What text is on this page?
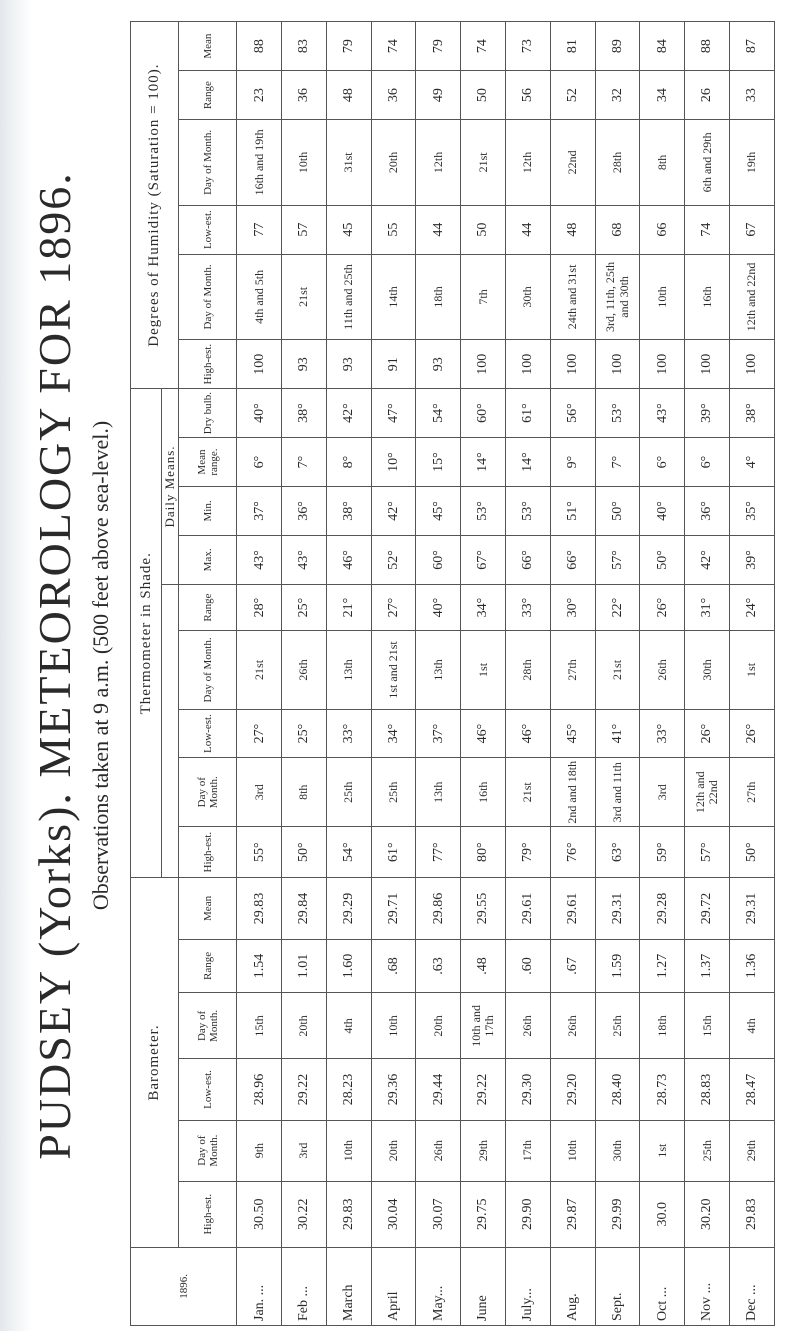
PUDSEY (Yorks). METEOROLOGY FOR 1896. Observations taken at 9 a.m. (500 feet above sea-level.)
1896.	Barometer.						Thermometer in Shade.									Degrees of Humidity (Saturation = 100).					
												Daily Means.									
	High-est.	Day of Month.	Low-est.	Day of Month.	Range	Mean	High-est.	Day of Month.	Low-est.	Day of Month.	Range	Max.	Min.	Mean range.	Dry bulb.	High-est.	Day of Month.	Low-est.	Day of Month.	Range	Mean
Jan. ...	30.50	9th	28.96	15th	1.54	29.83	55°	3rd	27°	21st	28°	43°	37°	6°	40°	100	4th and 5th	77	16th and 19th	23	88
Feb ...	30.22	3rd	29.22	20th	1.01	29.84	50°	8th	25°	26th	25°	43°	36°	7°	38°	93	21st	57	10th	36	83
March	29.83	10th	28.23	4th	1.60	29.29	54°	25th	33°	13th	21°	46°	38°	8°	42°	93	11th and 25th	45	31st	48	79
April	30.04	20th	29.36	10th	.68	29.71	61°	25th	34°	1st and 21st	27°	52°	42°	10°	47°	91	14th	55	20th	36	74
May...	30.07	26th	29.44	20th	.63	29.86	77°	13th	37°	13th	40°	60°	45°	15°	54°	93	18th	44	12th	49	79
June	29.75	29th	29.22	10th and 17th	.48	29.55	80°	16th	46°	1st	34°	67°	53°	14°	60°	100	7th	50	21st	50	74
July...	29.90	17th	29.30	26th	.60	29.61	79°	21st	46°	28th	33°	66°	53°	14°	61°	100	30th	44	12th	56	73
Aug.	29.87	10th	29.20	26th	.67	29.61	76°	2nd and 18th	45°	27th	30°	66°	51°	9°	56°	100	24th and 31st	48	22nd	52	81
Sept.	29.99	30th	28.40	25th	1.59	29.31	63°	3rd and 11th	41°	21st	22°	57°	50°	7°	53°	100	3rd, 11th, 25th and 30th	68	28th	32	89
Oct ...	30.0	1st	28.73	18th	1.27	29.28	59°	3rd	33°	26th	26°	50°	40°	6°	43°	100	10th	66	8th	34	84
Nov ...	30.20	25th	28.83	15th	1.37	29.72	57°	12th and 22nd	26°	30th	31°	42°	36°	6°	39°	100	16th	74	6th and 29th	26	88
Dec ...	29.83	29th	28.47	4th	1.36	29.31	50°	27th	26°	1st	24°	39°	35°	4°	38°	100	12th and 22nd	67	19th	33	87
